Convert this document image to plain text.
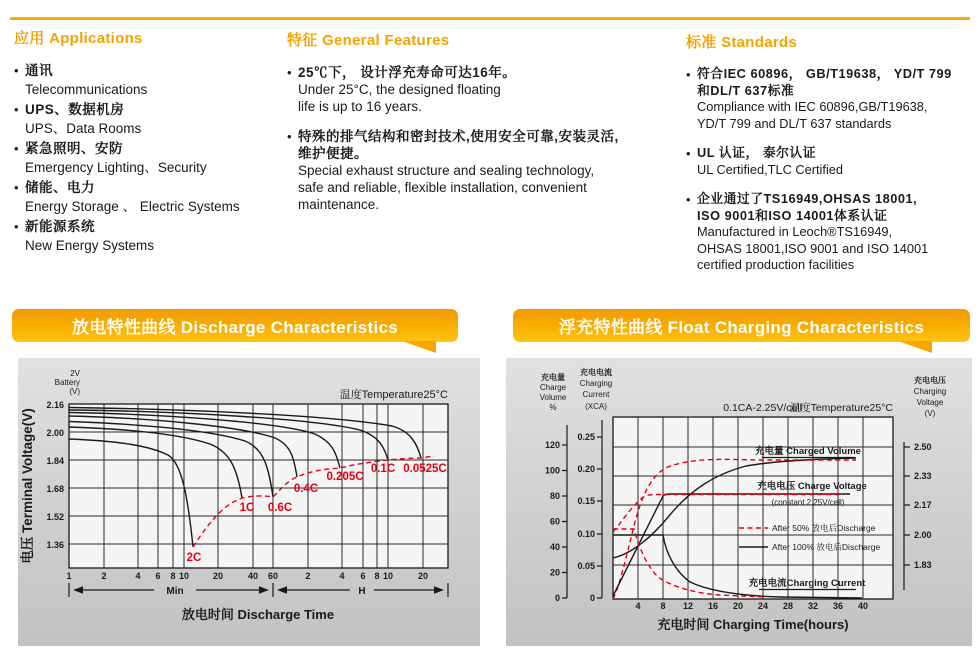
应用 Applications
• 通讯
Telecommunications
• UPS、数据机房
UPS、Data Rooms
• 紧急照明、安防
Emergency Lighting、Security
• 储能、电力
Energy Storage 、 Electric Systems
• 新能源系统
New Energy Systems
特征 General Features
• 25℃下， 设计浮充寿命可达16年。
Under 25°C, the designed floating
life is up to 16 years.
• 特殊的排气结构和密封技术,使用安全可靠,安装灵活,
维护便捷。
Special exhaust structure and sealing technology,
safe and reliable, flexible installation, convenient
maintenance.
标准 Standards
• 符合IEC 60896， GB/T19638， YD/T 799
和DL/T 637标准
Compliance with IEC 60896,GB/T19638,
YD/T 799 and DL/T 637 standards
• UL 认证， 泰尔认证
UL Certified,TLC Certified
• 企业通过了TS16949,OHSAS 18001,
ISO 9001和ISO 14001体系认证
Manufactured in Leoch®TS16949,
OHSAS 18001,ISO 9001 and ISO 14001
certified production facilities
放电特性曲线 Discharge Characteristics	浮充特性曲线 Float Charging Characteristics
2C
1C 0.6C
0.4C
0.205C
0.1C 0.0525C
2.16
2.00
1.84
1.68
1.52
1.36
1	2	4 6 8 10	20	40 60	2	4 6 8 10	20
2V
Battery
(V)
电压 Terminal Voltage(V)
温度Temperature25°C
Min	H
放电时间 Discharge Time
120
100
80
60
40
20
0
充电量
Charge
Volume
%
0.25
0.20
0.15
0.10
0.05
0
充电电流
Charging
Current
(XCA)
2.50
2.33
2.17
2.00
1.83
充电电压
Charging
Voltage
(V)
0.1CA-2.25V/cell
温度Temperature25°C
充电量 Charged Volume
充电电压 Charge Voltage
(constant 2.25V/cell)
充电电流Charging Current
After 50% 放电后Discharge
After 100% 放电后Discharge
4 8 12 16 20 24 28 32 36 40
充电时间 Charging Time(hours)
